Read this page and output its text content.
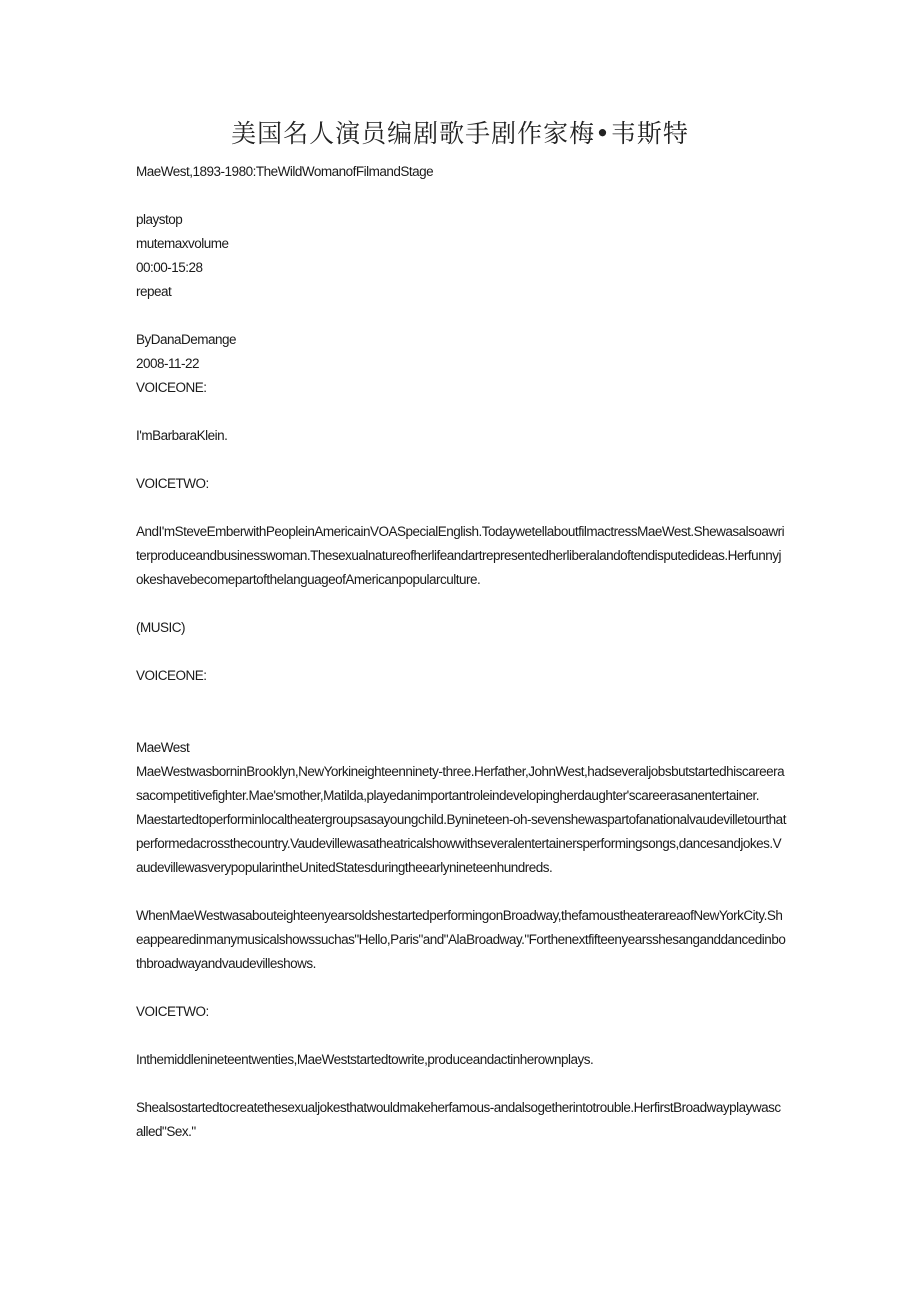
美国名人演员编剧歌手剧作家梅•韦斯特
MaeWest,1893-1980:TheWildWomanofFilmandStage
playstop
mutemaxvolume
00:00-15:28
repeat
ByDanaDemange
2008-11-22
VOICEONE:
I'mBarbaraKlein.
VOICETWO:
AndI'mSteveEmberwithPeopleinAmericainVOASpecialEnglish.TodaywetellaboutfilmactressMaeWest.Shewasalsoawriterproduceandbusinesswoman.Thesexualnatureofherlifeandartrepresentedherliberalandoftendisputedideas.HerfunnyjokeshavebecomepartofthelanguageofAmericanpopularculture.
(MUSIC)
VOICEONE:
MaeWest
MaeWestwasborninBrooklyn,NewYorkineighteenninety-three.Herfather,JohnWest,hadseveraljobsbutstartedhiscareerasacompetitivefighter.Mae'smother,Matilda,playedanimportantroleindevelopingherdaughter'scareerasanentertainer.
Maestartedtoperforminlocaltheatergroupsasayoungchild.Bynineteen-oh-sevenshewaspartofanationalvaudevilletourthatperformedacrossthecountry.Vaudevillewasatheatricalshowwithseveralentertainersperformingsongs,dancesandjokes.VaudevillewasverypopularintheUnitedStatesduringtheearlynineteenhundreds.
WhenMaeWestwasabouteighteenyearsoldshestartedperformingonBroadway,thefamoustheaterareaofNewYorkCity.Sheappearedinmanymusicalshowssuchas"Hello,Paris"and"AlaBroadway."Forthenextfifteenyearsshesanganddancedinbothbroadwayandvaudevilleshows.
VOICETWO:
Inthemiddlenineteentwenties,MaeWeststartedtowrite,produceandactinherownplays.
Shealsostartedtocreatethesexualjokesthatwouldmakeherfamous-andalsogetherintotrouble.HerfirstBroadwayplaywascalled"Sex."
